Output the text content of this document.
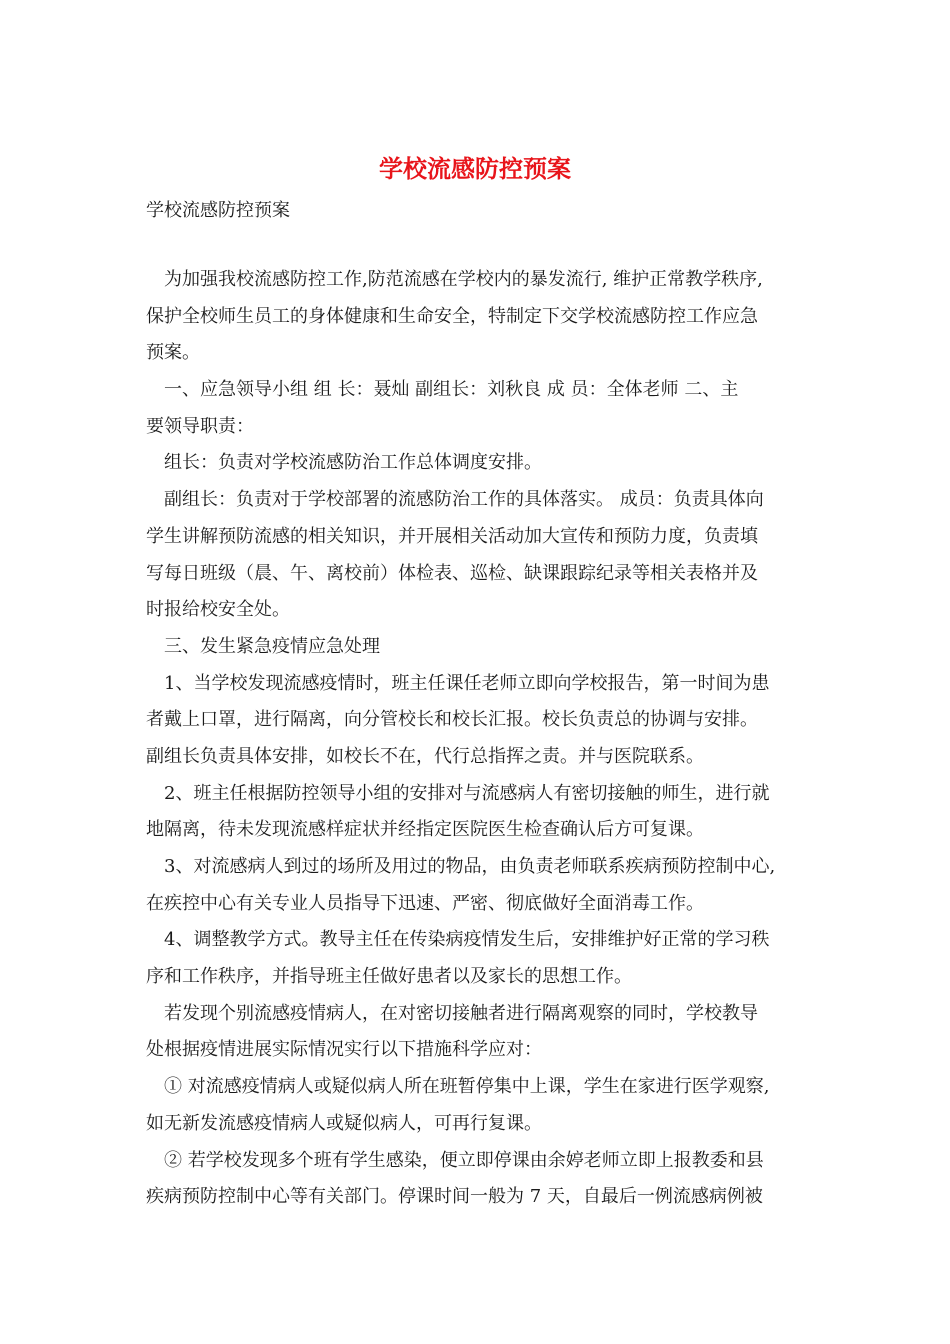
学校流感防控预案
学校流感防控预案
为加强我校流感防控工作,防范流感在学校内的暴发流行, 维护正常教学秩序,
保护全校师生员工的身体健康和生命安全，特制定下交学校流感防控工作应急
预案。
一、应急领导小组 组 长：聂灿 副组长：刘秋良 成 员：全体老师 二、主
要领导职责：
组长：负责对学校流感防治工作总体调度安排。
副组长：负责对于学校部署的流感防治工作的具体落实。 成员：负责具体向
学生讲解预防流感的相关知识，并开展相关活动加大宣传和预防力度，负责填
写每日班级（晨、午、离校前）体检表、巡检、缺课跟踪纪录等相关表格并及
时报给校安全处。
三、发生紧急疫情应急处理
1、当学校发现流感疫情时，班主任课任老师立即向学校报告，第一时间为患
者戴上口罩，进行隔离，向分管校长和校长汇报。校长负责总的协调与安排。
副组长负责具体安排，如校长不在，代行总指挥之责。并与医院联系。
2、班主任根据防控领导小组的安排对与流感病人有密切接触的师生，进行就
地隔离，待未发现流感样症状并经指定医院医生检查确认后方可复课。
3、对流感病人到过的场所及用过的物品，由负责老师联系疾病预防控制中心,
在疾控中心有关专业人员指导下迅速、严密、彻底做好全面消毒工作。
4、调整教学方式。教导主任在传染病疫情发生后，安排维护好正常的学习秩
序和工作秩序，并指导班主任做好患者以及家长的思想工作。
若发现个别流感疫情病人，在对密切接触者进行隔离观察的同时，学校教导
处根据疫情进展实际情况实行以下措施科学应对：
① 对流感疫情病人或疑似病人所在班暂停集中上课，学生在家进行医学观察,
如无新发流感疫情病人或疑似病人，可再行复课。
② 若学校发现多个班有学生感染，便立即停课由余婷老师立即上报教委和县
疾病预防控制中心等有关部门。停课时间一般为 7 天，自最后一例流感病例被
